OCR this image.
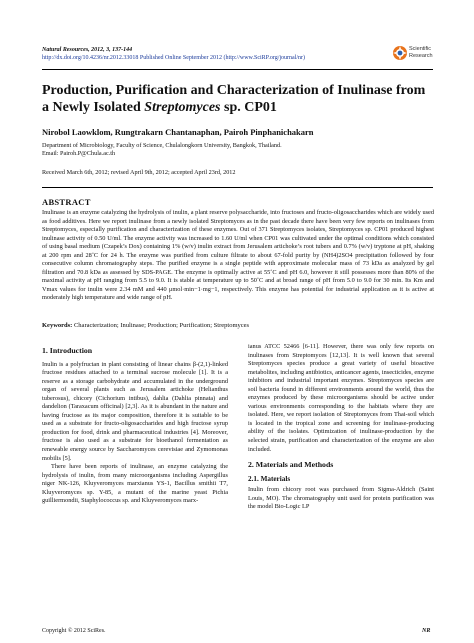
Natural Resources, 2012, 3, 137-144
http://dx.doi.org/10.4236/nr.2012.33018 Published Online September 2012 (http://www.SciRP.org/journal/nr)
Scientific
Research
Production, Purification and Characterization of Inulinase from a Newly Isolated Streptomyces sp. CP01
Nirobol Laowklom, Rungtrakarn Chantanaphan, Pairoh Pinphanichakarn
Department of Microbiology, Faculty of Science, Chulalongkorn University, Bangkok, Thailand.
Email: Pairoh.P@Chula.ac.th
Received March 6th, 2012; revised April 9th, 2012; accepted April 23rd, 2012
ABSTRACT

Inulinase is an enzyme catalyzing the hydrolysis of inulin, a plant reserve polysaccharide, into fructoses and fructo-oligosaccharides which are widely used as food additives. Here we report inulinase from a newly isolated Streptomyces as in the past decade there have been very few reports on inulinases from Streptomyces, especially purification and characterization of these enzymes. Out of 371 Streptomyces isolates, Streptomyces sp. CP01 produced highest inulinase activity of 0.50 U/ml. The enzyme activity was increased to 1.60 U/ml when CP01 was cultivated under the optimal conditions which consisted of using basal medium (Czapek’s Dox) containing 1% (w/v) inulin extract from Jerusalem artichoke’s root tubers and 0.7% (w/v) tryptone at pH, shaking at 200 rpm and 28˚C for 24 h. The enzyme was purified from culture filtrate to about 67-fold purity by (NH4)2SO4 precipitation followed by four consecutive column chromatography steps. The purified enzyme is a single peptide with approximate molecular mass of 73 kDa as analyzed by gel filtration and 70.8 kDa as assessed by SDS-PAGE. The enzyme is optimally active at 55˚C and pH 6.0, however it still possesses more than 80% of the maximal activity at pH ranging from 5.5 to 9.0. It is stable at temperature up to 50˚C and at broad range of pH from 5.0 to 9.0 for 30 min. Its Km and Vmax values for inulin were 2.34 mM and 440 μmol·min−1·mg−1, respectively. This enzyme has potential for industrial application as it is active at moderately high temperature and wide range of pH.

Keywords: Characterization; Inulinase; Production; Purification; Streptomyces
1. Introduction

Inulin is a polyfructan in plant consisting of linear chains β-(2,1)-linked fructose residues attached to a terminal sucrose molecule [1]. It is a reserve as a storage carbohydrate and accumulated in the underground organ of several plants such as Jerusalem artichoke (Helianthus tuberosus), chicory (Cichorium intibus), dahlia (Dahlia pinnata) and dandelion (Taraxacum officinal) [2,3]. As it is abundant in the nature and having fructose as its major composition, therefore it is suitable to be used as a substrate for fructo-oligosaccharides and high fructose syrup production for food, drink and pharmaceutical industries [4]. Moreover, fructose is also used as a substrate for bioethanol fermentation as renewable energy source by Saccharomyces cerevisiae and Zymomonas mobilis [5].

There have been reports of inulinase, an enzyme catalyzing the hydrolysis of inulin, from many microorganisms including Aspergillus niger NK-126, Kluyveromyces marxianus YS-1, Bacillus smithii T7, Kluyveromyces sp. Y-85, a mutant of the marine yeast Pichia guilliermondii, Staphylococcus sp. and Kluyveromyces marx-

ianus ATCC 52466 [6-11]. However, there was only few reports on inulinases from Streptomyces [12,13]. It is well known that several Streptomyces species produce a great variety of useful bioactive metabolites, including antibiotics, anticancer agents, insecticides, enzyme inhibitors and industrial important enzymes. Streptomyces species are soil bacteria found in different environments around the world, thus the enzymes produced by these microorganisms should be active under various environments corresponding to the habitats where they are isolated. Here, we report isolation of Streptomyces from Thai-soil which is located in the tropical zone and screening for inulinase-producing ability of the isolates. Optimization of inulinase-production by the selected strain, purification and characterization of the enzyme are also included.

2. Materials and Methods
2.1. Materials

Inulin from chicory root was purchased from Sigma-Aldrich (Saint Louis, MO). The chromatography unit used for protein purification was the model Bio-Logic LP

Copyright © 2012 SciRes.	NR
